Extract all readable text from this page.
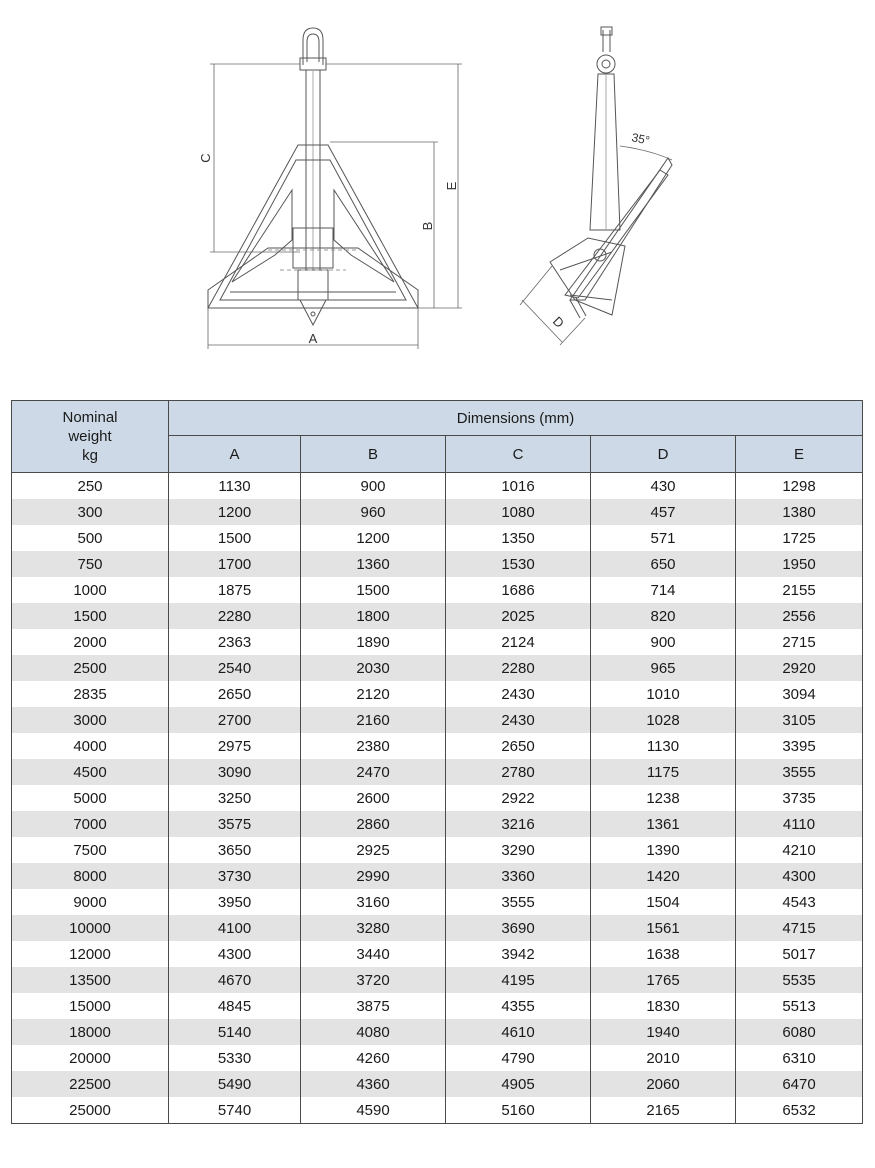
C
E
B
A
35°
D
Nominal
weight
kg	Dimensions (mm)				
	A	B	C	D	E
250	1130	900	1016	430	1298
300	1200	960	1080	457	1380
500	1500	1200	1350	571	1725
750	1700	1360	1530	650	1950
1000	1875	1500	1686	714	2155
1500	2280	1800	2025	820	2556
2000	2363	1890	2124	900	2715
2500	2540	2030	2280	965	2920
2835	2650	2120	2430	1010	3094
3000	2700	2160	2430	1028	3105
4000	2975	2380	2650	1130	3395
4500	3090	2470	2780	1175	3555
5000	3250	2600	2922	1238	3735
7000	3575	2860	3216	1361	4110
7500	3650	2925	3290	1390	4210
8000	3730	2990	3360	1420	4300
9000	3950	3160	3555	1504	4543
10000	4100	3280	3690	1561	4715
12000	4300	3440	3942	1638	5017
13500	4670	3720	4195	1765	5535
15000	4845	3875	4355	1830	5513
18000	5140	4080	4610	1940	6080
20000	5330	4260	4790	2010	6310
22500	5490	4360	4905	2060	6470
25000	5740	4590	5160	2165	6532
